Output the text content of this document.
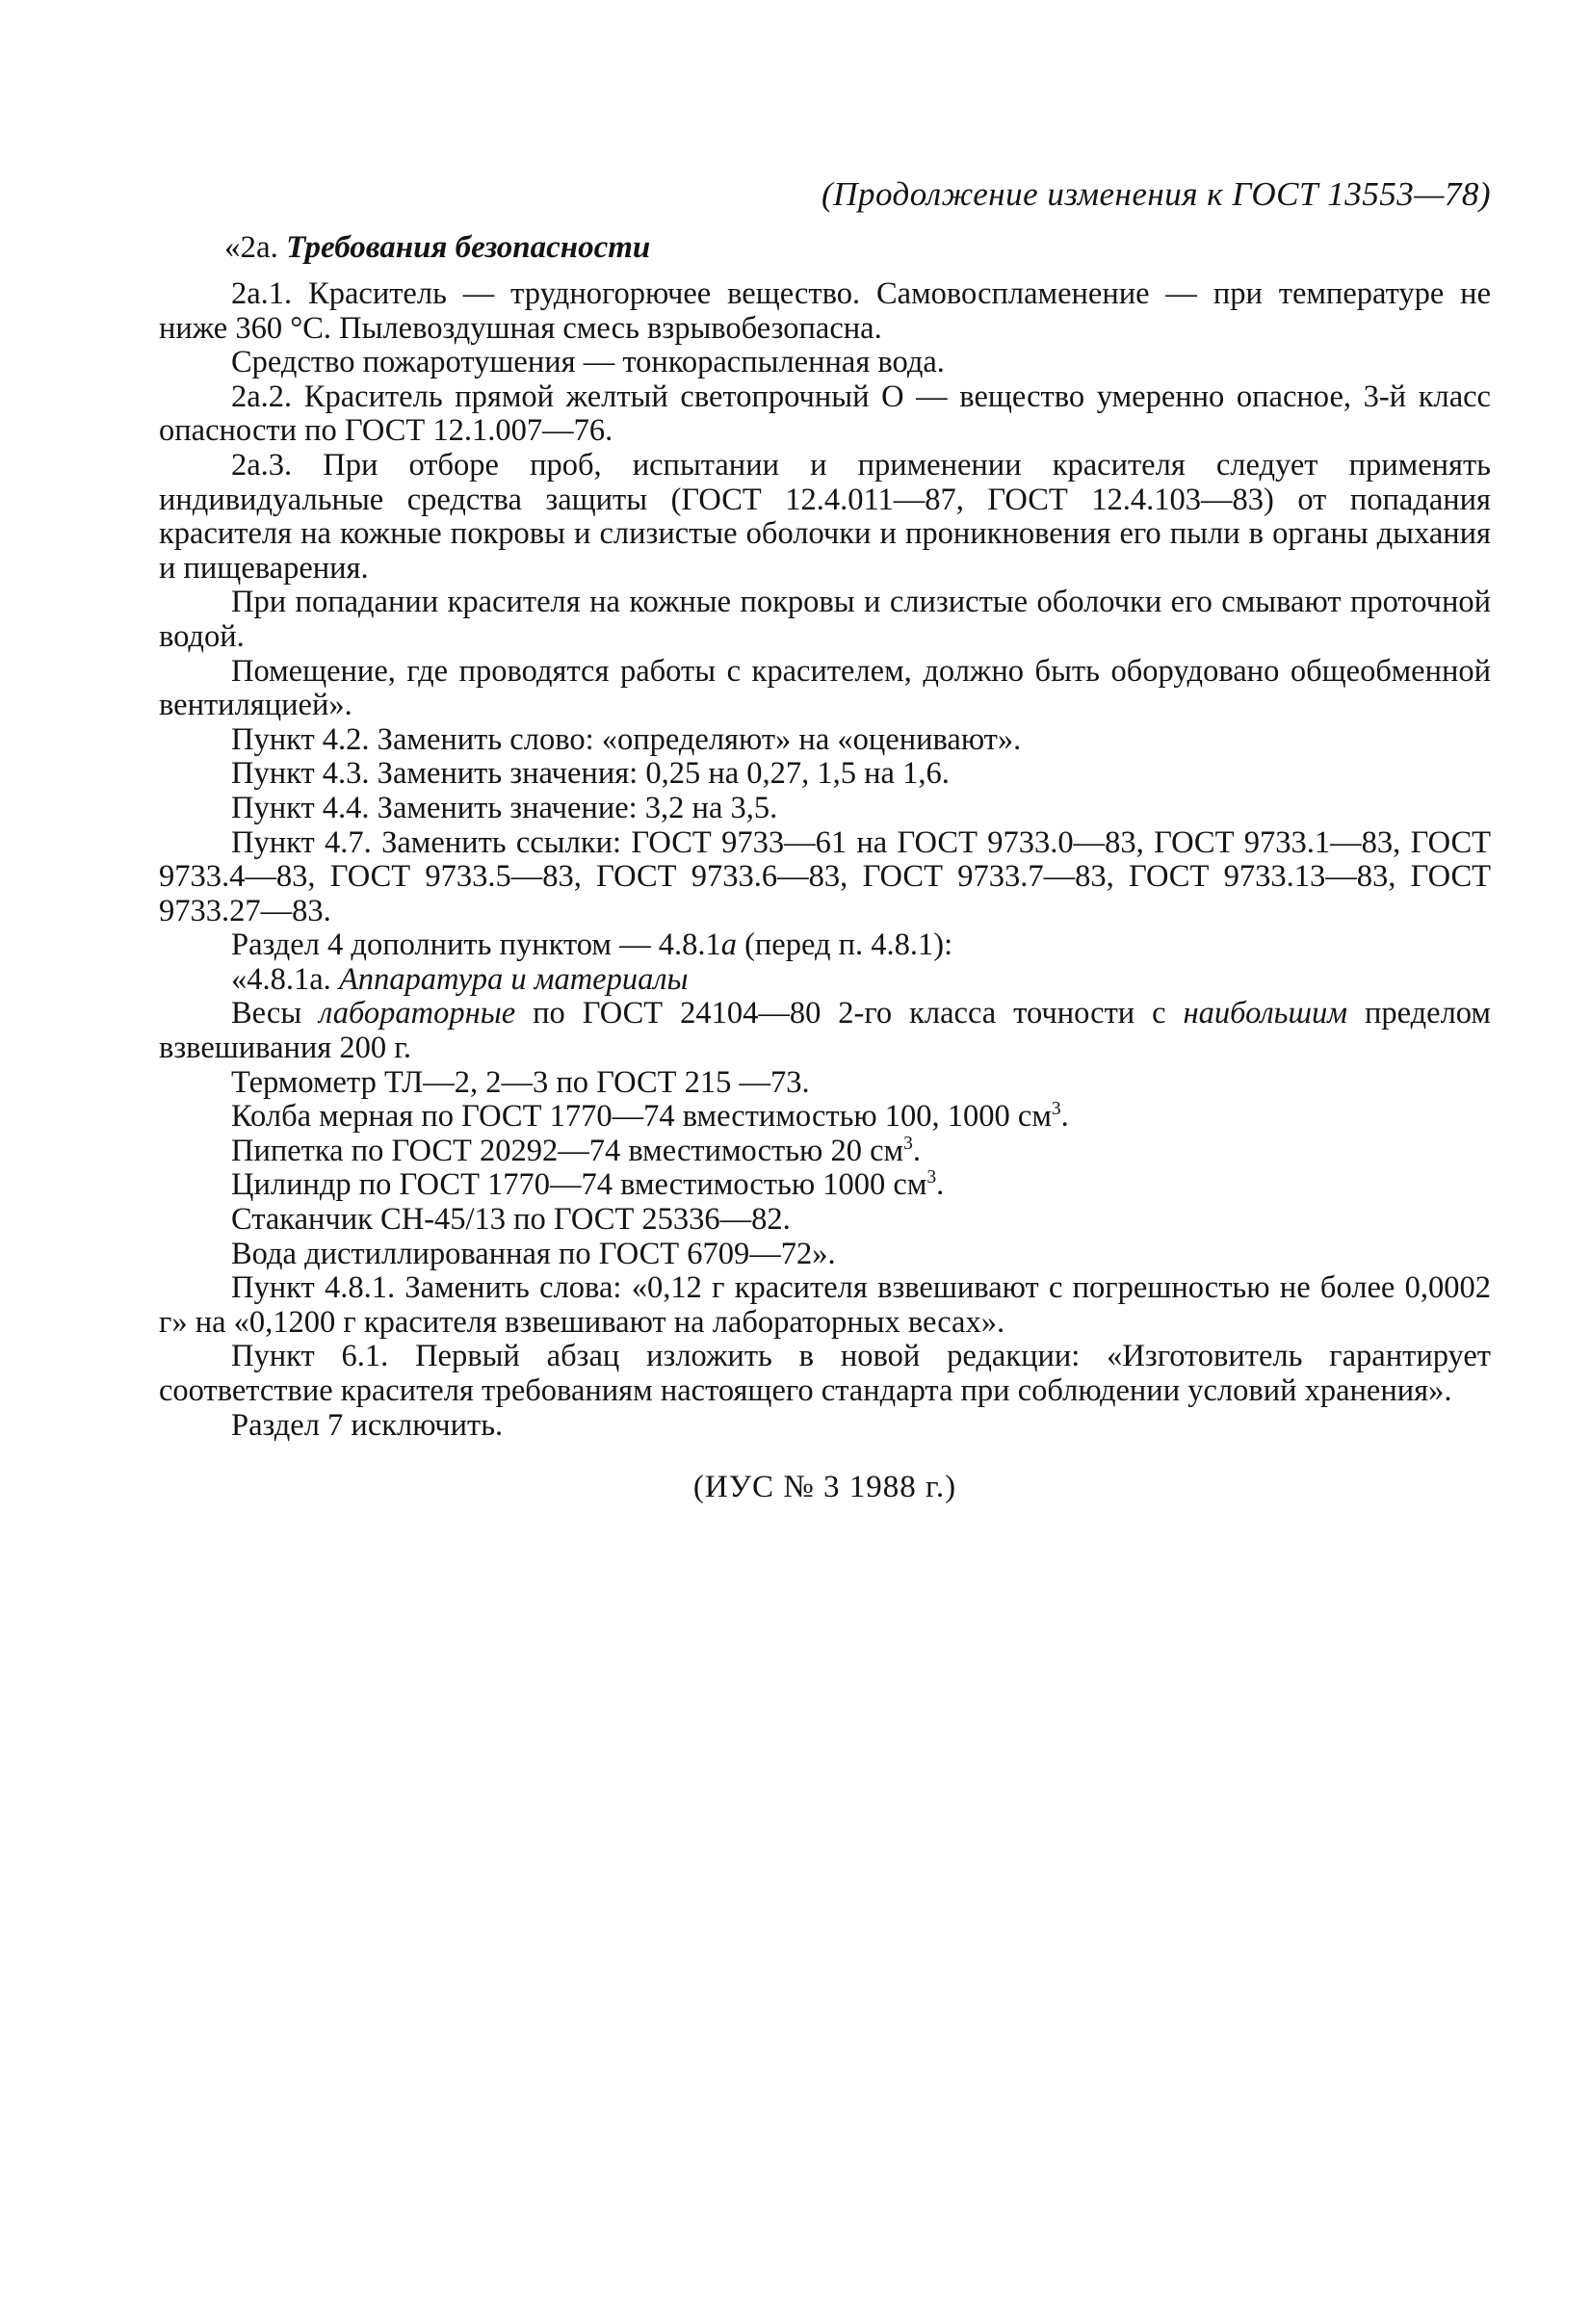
(Продолжение изменения к ГОСТ 13553—78)
«2а. Требования безопасности

2а.1. Краситель — трудногорючее вещество. Самовоспламенение — при температуре не ниже 360 °С. Пылевоздушная смесь взрывобезопасна.

Средство пожаротушения — тонкораспыленная вода.

2а.2. Краситель прямой желтый светопрочный О — вещество умеренно опасное, 3-й класс опасности по ГОСТ 12.1.007—76.

2а.3. При отборе проб, испытании и применении красителя следует применять индивидуальные средства защиты (ГОСТ 12.4.011—87, ГОСТ 12.4.103—83) от попадания красителя на кожные покровы и слизистые оболочки и проникновения его пыли в органы дыхания и пищеварения.

При попадании красителя на кожные покровы и слизистые оболочки его смывают проточной водой.

Помещение, где проводятся работы с красителем, должно быть оборудовано общеобменной вентиляцией».

Пункт 4.2. Заменить слово: «определяют» на «оценивают».

Пункт 4.3. Заменить значения: 0,25 на 0,27, 1,5 на 1,6.

Пункт 4.4. Заменить значение: 3,2 на 3,5.

Пункт 4.7. Заменить ссылки: ГОСТ 9733—61 на ГОСТ 9733.0—83, ГОСТ 9733.1—83, ГОСТ 9733.4—83, ГОСТ 9733.5—83, ГОСТ 9733.6—83, ГОСТ 9733.7—83, ГОСТ 9733.13—83, ГОСТ 9733.27—83.

Раздел 4 дополнить пунктом — 4.8.1а (перед п. 4.8.1):

«4.8.1а. Аппаратура и материалы

Весы лабораторные по ГОСТ 24104—80 2-го класса точности с наибольшим пределом взвешивания 200 г.

Термометр ТЛ—2, 2—3 по ГОСТ 215 —73.

Колба мерная по ГОСТ 1770—74 вместимостью 100, 1000 $см^3$.

Пипетка по ГОСТ 20292—74 вместимостью 20 $см^3$.

Цилиндр по ГОСТ 1770—74 вместимостью 1000 $см^3$.

Стаканчик СН-45/13 по ГОСТ 25336—82.

Вода дистиллированная по ГОСТ 6709—72».

Пункт 4.8.1. Заменить слова: «0,12 г красителя взвешивают с погрешностью не более 0,0002 г» на «0,1200 г красителя взвешивают на лабораторных весах».

Пункт 6.1. Первый абзац изложить в новой редакции: «Изготовитель гарантирует соответствие красителя требованиям настоящего стандарта при соблюдении условий хранения».

Раздел 7 исключить.

(ИУС № 3 1988 г.)
